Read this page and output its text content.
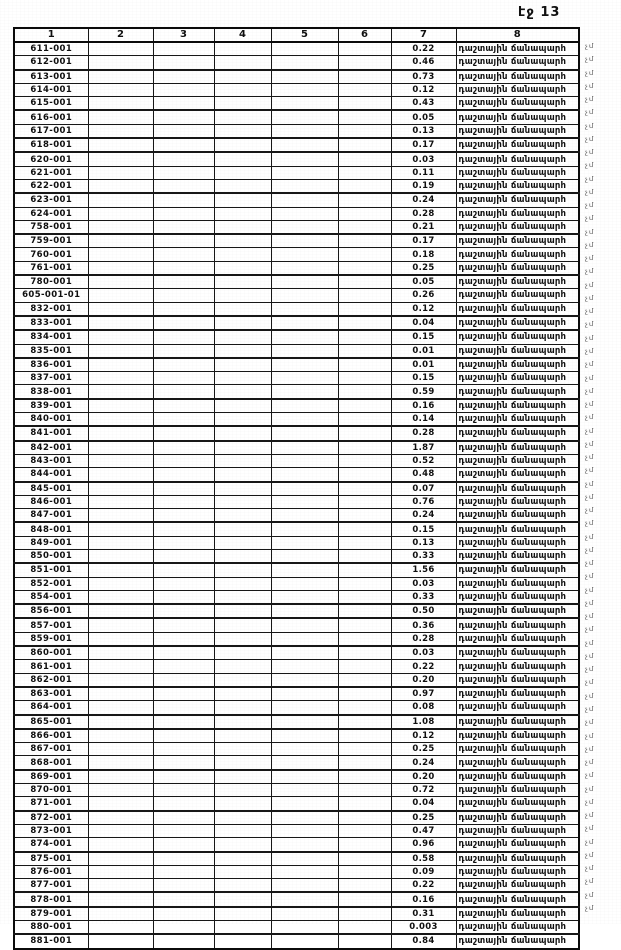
էջ 13
1	2	3	4	5	6	7	8
611-001						0.22	դաշտային ճանապարհ
612-001						0.46	դաշտային ճանապարհ
613-001						0.73	դաշտային ճանապարհ
614-001						0.12	դաշտային ճանապարհ
615-001						0.43	դաշտային ճանապարհ
616-001						0.05	դաշտային ճանապարհ
617-001						0.13	դաշտային ճանապարհ
618-001						0.17	դաշտային ճանապարհ
620-001						0.03	դաշտային ճանապարհ
621-001						0.11	դաշտային ճանապարհ
622-001						0.19	դաշտային ճանապարհ
623-001						0.24	դաշտային ճանապարհ
624-001						0.28	դաշտային ճանապարհ
758-001						0.21	դաշտային ճանապարհ
759-001						0.17	դաշտային ճանապարհ
760-001						0.18	դաշտային ճանապարհ
761-001						0.25	դաշտային ճանապարհ
780-001						0.05	դաշտային ճանապարհ
605-001-01						0.26	դաշտային ճանապարհ
832-001						0.12	դաշտային ճանապարհ
833-001						0.04	դաշտային ճանապարհ
834-001						0.15	դաշտային ճանապարհ
835-001						0.01	դաշտային ճանապարհ
836-001						0.01	դաշտային ճանապարհ
837-001						0.15	դաշտային ճանապարհ
838-001						0.59	դաշտային ճանապարհ
839-001						0.16	դաշտային ճանապարհ
840-001						0.14	դաշտային ճանապարհ
841-001						0.28	դաշտային ճանապարհ
842-001						1.87	դաշտային ճանապարհ
843-001						0.52	դաշտային ճանապարհ
844-001						0.48	դաշտային ճանապարհ
845-001						0.07	դաշտային ճանապարհ
846-001						0.76	դաշտային ճանապարհ
847-001						0.24	դաշտային ճանապարհ
848-001						0.15	դաշտային ճանապարհ
849-001						0.13	դաշտային ճանապարհ
850-001						0.33	դաշտային ճանապարհ
851-001						1.56	դաշտային ճանապարհ
852-001						0.03	դաշտային ճանապարհ
854-001						0.33	դաշտային ճանապարհ
856-001						0.50	դաշտային ճանապարհ
857-001						0.36	դաշտային ճանապարհ
859-001						0.28	դաշտային ճանապարհ
860-001						0.03	դաշտային ճանապարհ
861-001						0.22	դաշտային ճանապարհ
862-001						0.20	դաշտային ճանապարհ
863-001						0.97	դաշտային ճանապարհ
864-001						0.08	դաշտային ճանապարհ
865-001						1.08	դաշտային ճանապարհ
866-001						0.12	դաշտային ճանապարհ
867-001						0.25	դաշտային ճանապարհ
868-001						0.24	դաշտային ճանապարհ
869-001						0.20	դաշտային ճանապարհ
870-001						0.72	դաշտային ճանապարհ
871-001						0.04	դաշտային ճանապարհ
872-001						0.25	դաշտային ճանապարհ
873-001						0.47	դաշտային ճանապարհ
874-001						0.96	դաշտային ճանապարհ
875-001						0.58	դաշտային ճանապարհ
876-001						0.09	դաշտային ճանապարհ
877-001						0.22	դաշտային ճանապարհ
878-001						0.16	դաշտային ճանապարհ
879-001						0.31	դաշտային ճանապարհ
880-001						0.003	դաշտային ճանապարհ
881-001						0.84	դաշտային ճանապարհ
չմ
չմ
չմ
չմ
չմ
չմ
չմ
չմ
չմ
չմ
չմ
չմ
չմ
չմ
չմ
չմ
չմ
չմ
չմ
չմ
չմ
չմ
չմ
չմ
չմ
չմ
չմ
չմ
չմ
չմ
չմ
չմ
չմ
չմ
չմ
չմ
չմ
չմ
չմ
չմ
չմ
չմ
չմ
չմ
չմ
չմ
չմ
չմ
չմ
չմ
չմ
չմ
չմ
չմ
չմ
չմ
չմ
չմ
չմ
չմ
չմ
չմ
չմ
չմ
չմ
չմ
